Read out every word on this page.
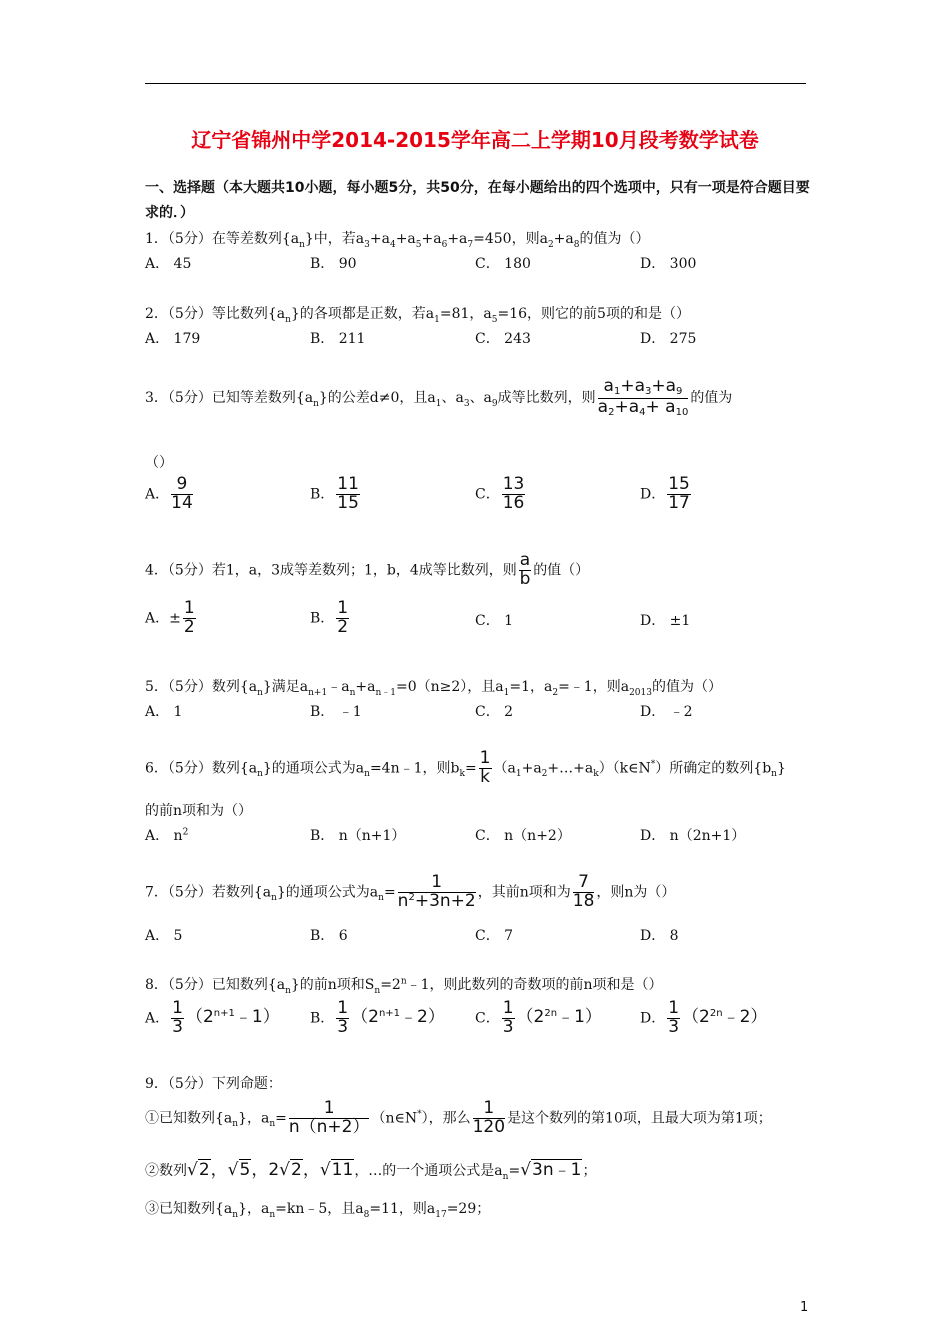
辽宁省锦州中学2014-2015学年高二上学期10月段考数学试卷
一、选择题（本大题共10小题，每小题5分，共50分，在每小题给出的四个选项中，只有一项是符合题目要求的．）
1．（5分）在等差数列$\{a_n\}$中，若$a_3+a_4+a_5+a_6+a_7=450$，则$a_2+a_8$的值为（）
A． 45	B． 90	C． 180	D． 300
2．（5分）等比数列$\{a_n\}$的各项都是正数，若$a_1=81$，$a_5=16$，则它的前5项的和是（）
A． 179	B． 211	C． 243	D． 275
3．（5分）已知等差数列$\{a_n\}$的公差d≠0，且$a_1$、$a_3$、$a_9$成等比数列，则 $\frac{a1+a3+a9}{a2+a4+ a10}$ 的值为
（）
A． $\frac{9}{14}$	B． $\frac{11}{15}$	C． $\frac{13}{16}$	D． $\frac{15}{17}$
4．（5分）若1，a，3成等差数列；1，b，4成等比数列，则 $\frac{a}{b}$ 的值（）
A．± $\frac{1}{2}$	B． $\frac{1}{2}$	C． 1	D． ±1
5．（5分）数列$\{a_n\}$满足$a_{n+1}﹣a_n+a_{n﹣1}=0(n\ge 2)$，且$a_1=1$，$a_2=﹣1$，则$a_{2013}$的值为（）
A． 1	B． ﹣1	C． 2	D． ﹣2
6．（5分）数列$\{a_n\}$的通项公式为$a_n=4n﹣1$，则$b_k= \frac{1}{k}$ $(a_1+a_2+\dots+a_k)(k\in N^*)$所确定的数列$\{b_n\}$
的前n项和为（）
A． $n^2$	B． n（n+1）	C． n（n+2）	D． n（2n+1）
7．（5分）若数列$\{a_n\}$的通项公式为$a_n= \frac{1}{n^2+3n+2}$ ，其前n项和为 $\frac{7}{18}$ ，则n为（）
A． 5	B． 6	C． 7	D． 8
8．（5分）已知数列$\{a_n\}$的前n项和$S_n=2^n﹣1$，则此数列的奇数项的前n项和是（）
A． $\frac{1}{3}$ $(2^{n+1}﹣1)$ B． $\frac{1}{3}$ $(2^{n+1}﹣2)$ C． $\frac{1}{3}$ $(2^{2n}﹣1)$	D． $\frac{1}{3}$ $(2^{2n}﹣2)$
9．（5分）下列命题：
①已知数列$\{a_n\}$，$a_n= \frac{1}{n(n+2)}$ （n∈N*），那么 $\frac{1}{120}$ 是这个数列的第10项，且最大项为第1项；
②数列√2，√5，2√2，√11，…的一个通项公式是$a_n=√3n﹣1$；
③已知数列$\{a_n\}$，$a_n=kn﹣5$，且$a_8=11$，则$a_{17}=29$；
1
